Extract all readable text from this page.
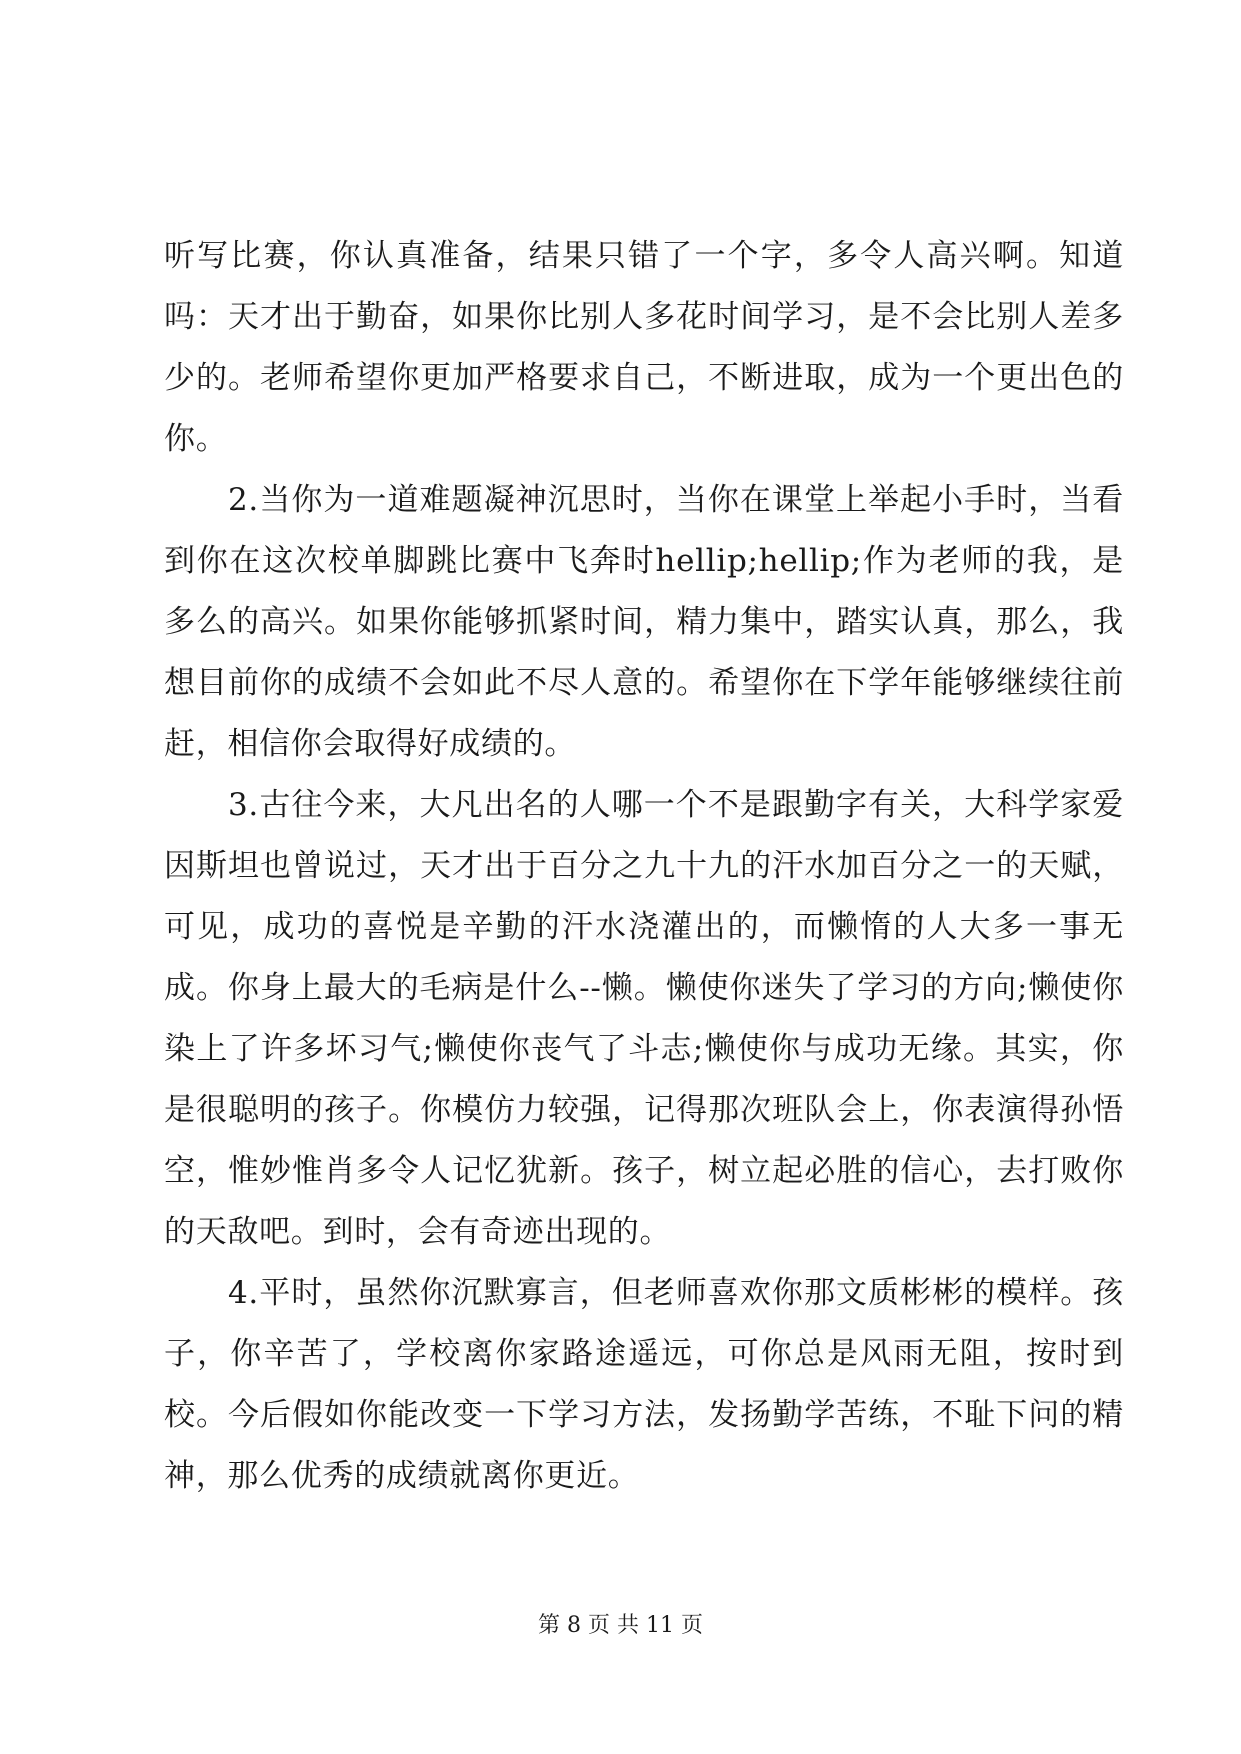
听写比赛，你认真准备，结果只错了一个字，多令人高兴啊。知道吗：天才出于勤奋，如果你比别人多花时间学习，是不会比别人差多少的。老师希望你更加严格要求自己，不断进取，成为一个更出色的你。

2.当你为一道难题凝神沉思时，当你在课堂上举起小手时，当看到你在这次校单脚跳比赛中飞奔时hellip;hellip;作为老师的我，是多么的高兴。如果你能够抓紧时间，精力集中，踏实认真，那么，我想目前你的成绩不会如此不尽人意的。希望你在下学年能够继续往前赶，相信你会取得好成绩的。

3.古往今来，大凡出名的人哪一个不是跟勤字有关，大科学家爱因斯坦也曾说过，天才出于百分之九十九的汗水加百分之一的天赋，可见，成功的喜悦是辛勤的汗水浇灌出的，而懒惰的人大多一事无成。你身上最大的毛病是什么--懒。懒使你迷失了学习的方向;懒使你染上了许多坏习气;懒使你丧气了斗志;懒使你与成功无缘。其实，你是很聪明的孩子。你模仿力较强，记得那次班队会上，你表演得孙悟空，惟妙惟肖多令人记忆犹新。孩子，树立起必胜的信心，去打败你的天敌吧。到时，会有奇迹出现的。

4.平时，虽然你沉默寡言，但老师喜欢你那文质彬彬的模样。孩子，你辛苦了，学校离你家路途遥远，可你总是风雨无阻，按时到校。今后假如你能改变一下学习方法，发扬勤学苦练，不耻下问的精神，那么优秀的成绩就离你更近。

第 8 页 共 11 页
